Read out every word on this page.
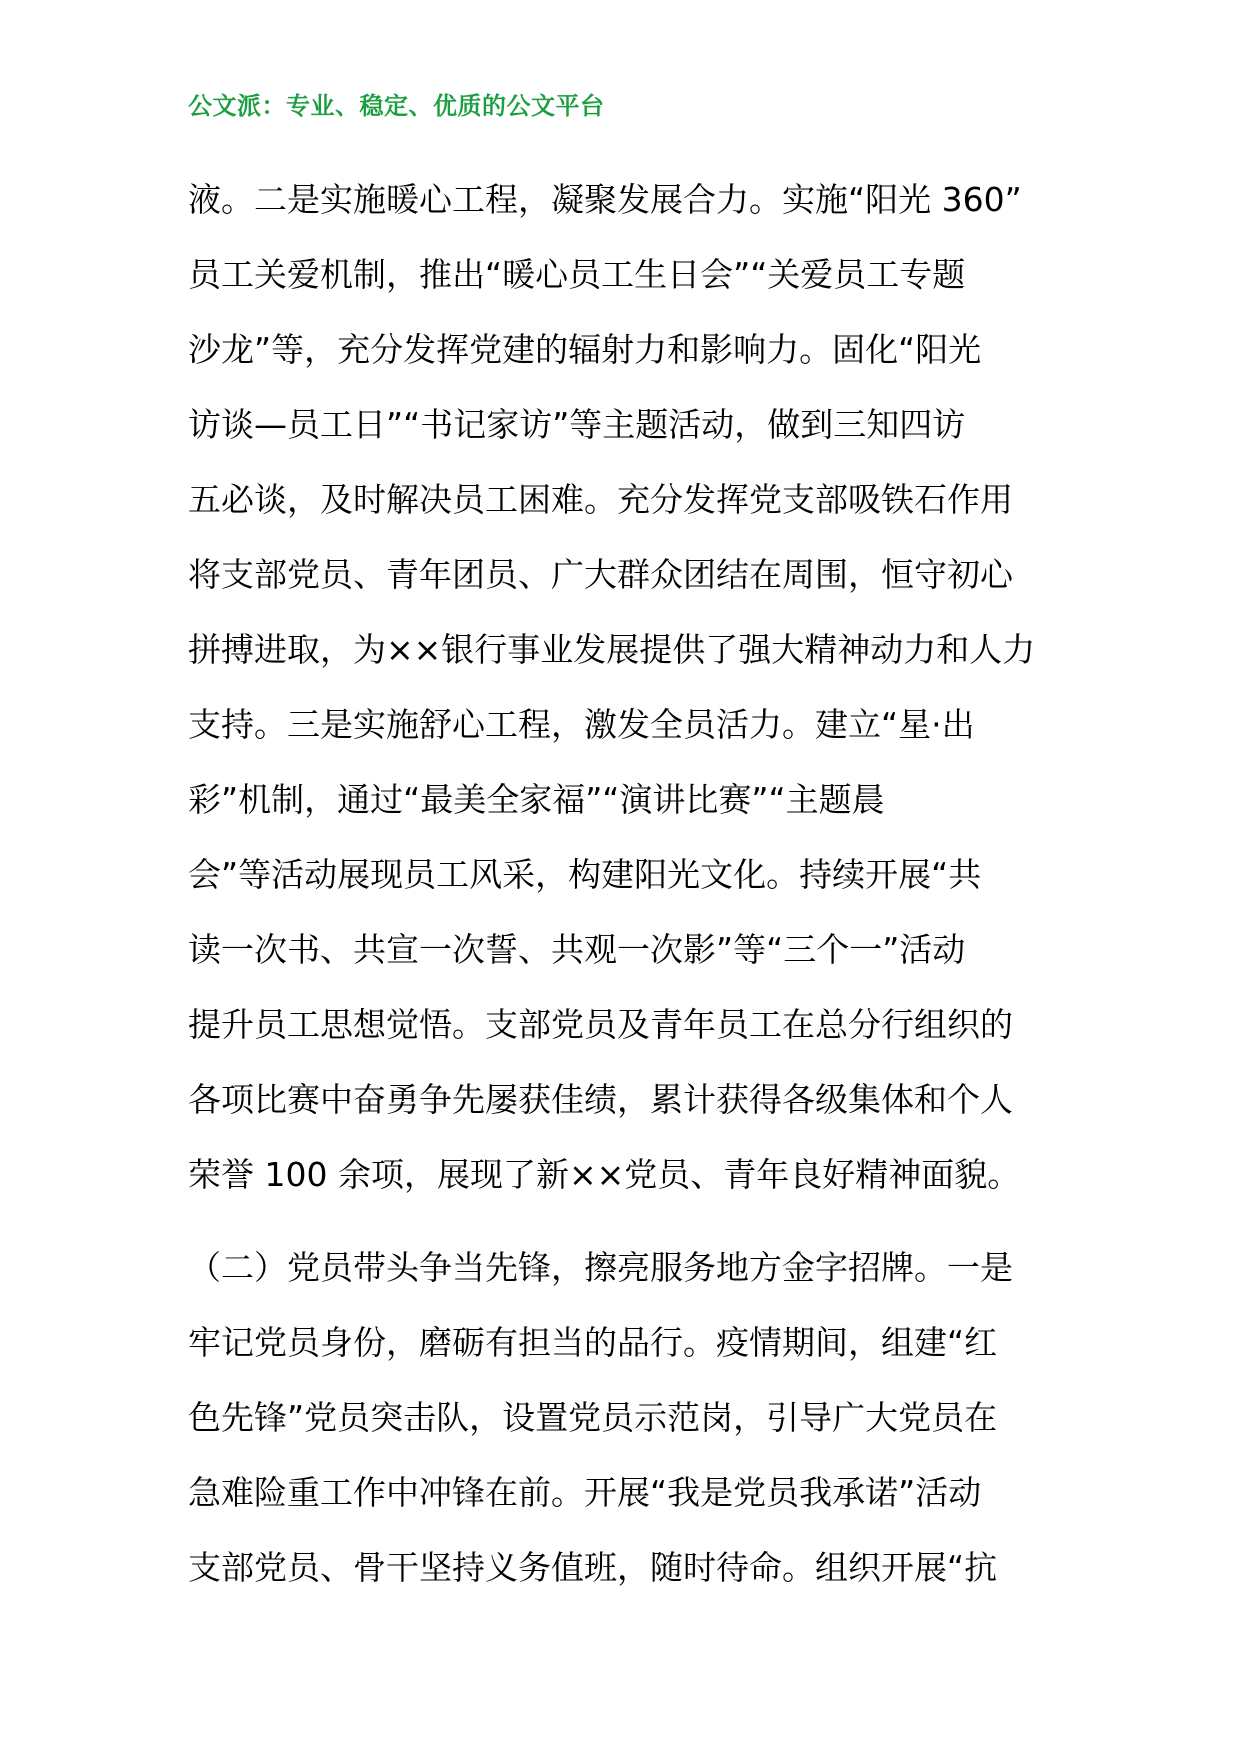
公文派：专业、稳定、优质的公文平台
液。二是实施暖心工程，凝聚发展合力。实施“阳光 360”
员工关爱机制，推出“暖心员工生日会”“关爱员工专题
沙龙”等，充分发挥党建的辐射力和影响力。固化“阳光
访谈—员工日”“书记家访”等主题活动，做到三知四访
五必谈，及时解决员工困难。充分发挥党支部吸铁石作用
将支部党员、青年团员、广大群众团结在周围，恒守初心
拼搏进取，为××银行事业发展提供了强大精神动力和人力
支持。三是实施舒心工程，激发全员活力。建立“星·出
彩”机制，通过“最美全家福”“演讲比赛”“主题晨
会”等活动展现员工风采，构建阳光文化。持续开展“共
读一次书、共宣一次誓、共观一次影”等“三个一”活动
提升员工思想觉悟。支部党员及青年员工在总分行组织的
各项比赛中奋勇争先屡获佳绩，累计获得各级集体和个人
荣誉 100 余项，展现了新××党员、青年良好精神面貌。
（二）党员带头争当先锋，擦亮服务地方金字招牌。一是
牢记党员身份，磨砺有担当的品行。疫情期间，组建“红
色先锋”党员突击队，设置党员示范岗，引导广大党员在
急难险重工作中冲锋在前。开展“我是党员我承诺”活动
支部党员、骨干坚持义务值班，随时待命。组织开展“抗
